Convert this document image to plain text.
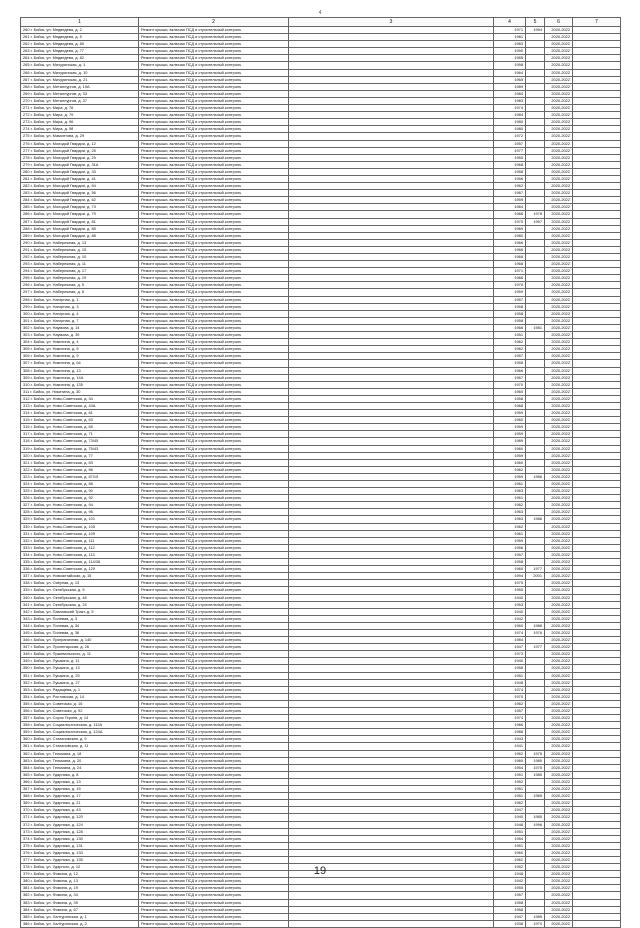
4
1	2	3	4	5	6	7
260 г. Бийск, ул. Медведева, д. 2	Ремонт крыши, включая ПСД и строительный контроль		1971	1994	2020-2022	
261 г. Бийск, ул. Медведева, д. 5	Ремонт крыши, включая ПСД и строительный контроль		1981		2020-2022	
262 г. Бийск, ул. Медведева, д. 69	Ремонт крыши, включая ПСД и строительный контроль		1983		2020-2022	
263 г. Бийск, ул. Медведева, д. 77	Ремонт крыши, включая ПСД и строительный контроль		1990		2020-2022	
264 г. Бийск, ул. Медведева, д. 82	Ремонт крыши, включая ПСД и строительный контроль		1985		2020-2022	
265 г. Бийск, ул. Мичуринская, д. 1	Ремонт крыши, включая ПСД и строительный контроль		1958		2020-2022	
266 г. Бийск, ул. Мичуринская, д. 10	Ремонт крыши, включая ПСД и строительный контроль		1964		2020-2022	
267 г. Бийск, ул. Мичуринская, д. 21	Ремонт крыши, включая ПСД и строительный контроль		1965		2020-2022	
268 г. Бийск, ул. Металлургов, д. 19А	Ремонт крыши, включая ПСД и строительный контроль		1989		2020-2022	
269 г. Бийск, ул. Металлургов, д. 33	Ремонт крыши, включая ПСД и строительный контроль		1984		2020-2022	
270 г. Бийск, ул. Металлургов, д. 37	Ремонт крыши, включая ПСД и строительный контроль		1983		2020-2022	
271 г. Бийск, ул. Мира, д. 76	Ремонт крыши, включая ПСД и строительный контроль		1974		2020-2022	
272 г. Бийск, ул. Мира, д. 79	Ремонт крыши, включая ПСД и строительный контроль		1984		2020-2022	
273 г. Бийск, ул. Мира, д. 96	Ремонт крыши, включая ПСД и строительный контроль		1980		2020-2022	
274 г. Бийск, ул. Мира, д. 98	Ремонт крыши, включая ПСД и строительный контроль		1980		2020-2022	
275 г. Бийск, ул. Мамонтова, д. 29	Ремонт крыши, включая ПСД и строительный контроль		1972		2020-2022	
276 г. Бийск, ул. Молодой Гвардии, д. 12	Ремонт крыши, включая ПСД и строительный контроль		1957		2020-2022	
277 г. Бийск, ул. Молодой Гвардии, д. 25	Ремонт крыши, включая ПСД и строительный контроль		1977		2020-2022	
278 г. Бийск, ул. Молодой Гвардии, д. 29	Ремонт крыши, включая ПСД и строительный контроль		1955		2020-2022	
279 г. Бийск, ул. Молодой Гвардии, д. 31А	Ремонт крыши, включая ПСД и строительный контроль		1968		2020-2022	
280 г. Бийск, ул. Молодой Гвардии, д. 33	Ремонт крыши, включая ПСД и строительный контроль		1958		2020-2022	
281 г. Бийск, ул. Молодой Гвардии, д. 41	Ремонт крыши, включая ПСД и строительный контроль		1956		2020-2022	
282 г. Бийск, ул. Молодой Гвардии, д. 54	Ремонт крыши, включая ПСД и строительный контроль		1962		2020-2022	
283 г. Бийск, ул. Молодой Гвардии, д. 56	Ремонт крыши, включая ПСД и строительный контроль		1967		2020-2022	
284 г. Бийск, ул. Молодой Гвардии, д. 62	Ремонт крыши, включая ПСД и строительный контроль		1959		2020-2022	
285 г. Бийск, ул. Молодой Гвардии, д. 73	Ремонт крыши, включая ПСД и строительный контроль		1964		2020-2022	
286 г. Бийск, ул. Молодой Гвардии, д. 79	Ремонт крыши, включая ПСД и строительный контроль		1966	1978	2020-2022	
287 г. Бийск, ул. Молодой Гвардии, д. 81	Ремонт крыши, включая ПСД и строительный контроль		1975	1997	2020-2022	
288 г. Бийск, ул. Молодой Гвардии, д. 85	Ремонт крыши, включая ПСД и строительный контроль		1969		2020-2022	
289 г. Бийск, ул. Молодой Гвардии, д. 88	Ремонт крыши, включая ПСД и строительный контроль		1980		2020-2022	
290 г. Бийск, ул. Набережная, д. 13	Ремонт крыши, включая ПСД и строительный контроль		1966		2020-2022	
291 г. Бийск, ул. Набережная, д. 15	Ремонт крыши, включая ПСД и строительный контроль		1966		2020-2022	
292 г. Бийск, ул. Набережная, д. 10	Ремонт крыши, включая ПСД и строительный контроль		1968		2020-2022	
293 г. Бийск, ул. Набережная, д. 11	Ремонт крыши, включая ПСД и строительный контроль		1968		2020-2022	
294 г. Бийск, ул. Набережная, д. 17	Ремонт крыши, включая ПСД и строительный контроль		1971		2020-2022	
295 г. Бийск, ул. Набережная, д. 19	Ремонт крыши, включая ПСД и строительный контроль		1966		2020-2022	
296 г. Бийск, ул. Набережная, д. 5	Ремонт крыши, включая ПСД и строительный контроль		1970		2020-2022	
297 г. Бийск, ул. Набережная, д. 8	Ремонт крыши, включая ПСД и строительный контроль		1959		2020-2022	
298 г. Бийск, ул. Нагорная, д. 1	Ремонт крыши, включая ПСД и строительный контроль		1957		2020-2022	
299 г. Бийск, ул. Нагорная, д. 3	Ремонт крыши, включая ПСД и строительный контроль		1958		2020-2022	
300 г. Бийск, ул. Нагорная, д. 4	Ремонт крыши, включая ПСД и строительный контроль		1958		2020-2022	
301 г. Бийск, ул. Нагорная, д. 7	Ремонт крыши, включая ПСД и строительный контроль		1958		2020-2022	
302 г. Бийск, ул. Наумова, д. 14	Ремонт крыши, включая ПСД и строительный контроль		1966	1981	2020-2022	
303 г. Бийск, ул. Наумова, д. 39	Ремонт крыши, включая ПСД и строительный контроль		1951		2020-2022	
304 г. Бийск, ул. Никитина, д. 4	Ремонт крыши, включая ПСД и строительный контроль		1962		2020-2022	
305 г. Бийск, ул. Никитина, д. 5	Ремонт крыши, включая ПСД и строительный контроль		1962		2020-2022	
306 г. Бийск, ул. Никитина, д. 9	Ремонт крыши, включая ПСД и строительный контроль		1957		2020-2022	
307 г. Бийск, ул. Никитина, д. 64	Ремонт крыши, включая ПСД и строительный контроль		1958		2020-2022	
308 г. Бийск, ул. Никитина, д. 13	Ремонт крыши, включая ПСД и строительный контроль		1966		2020-2022	
309 г. Бийск, ул. Никитина, д. 14А	Ремонт крыши, включая ПСД и строительный контроль		1967		2020-2022	
310 г. Бийск, ул. Никитина, д. 135	Ремонт крыши, включая ПСД и строительный контроль		1970		2020-2022	
311 г. Бийск, ул. Никитина, д. 30	Ремонт крыши, включая ПСД и строительный контроль		1960		2020-2022	
312 г. Бийск, ул. Ново-Советская, д. 34	Ремонт крыши, включая ПСД и строительный контроль		1958		2020-2022	
313 г. Бийск, ул. Ново-Советская, д. 43А	Ремонт крыши, включая ПСД и строительный контроль		1968		2020-2022	
314 г. Бийск, ул. Ново-Советская, д. 61	Ремонт крыши, включая ПСД и строительный контроль		1959		2020-2022	
315 г. Бийск, ул. Ново-Советская, д. 63	Ремонт крыши, включая ПСД и строительный контроль		1960		2020-2022	
316 г. Бийск, ул. Ново-Советская, д. 65	Ремонт крыши, включая ПСД и строительный контроль		1959		2020-2022	
317 г. Бийск, ул. Ново-Советская, д. 71	Ремонт крыши, включая ПСД и строительный контроль		1959		2020-2022	
318 г. Бийск, ул. Ново-Советская, д. 73/45	Ремонт крыши, включая ПСД и строительный контроль		1989		2020-2022	
319 г. Бийск, ул. Ново-Советская, д. 75/43	Ремонт крыши, включая ПСД и строительный контроль		1960		2020-2022	
320 г. Бийск, ул. Ново-Советская, д. 77	Ремонт крыши, включая ПСД и строительный контроль		1959		2020-2022	
321 г. Бийск, ул. Ново-Советская, д. 83	Ремонт крыши, включая ПСД и строительный контроль		1960		2020-2022	
322 г. Бийск, ул. Ново-Советская, д. 86	Ремонт крыши, включая ПСД и строительный контроль		1962		2020-2022	
323 г. Бийск, ул. Ново-Советская, д. 87/15	Ремонт крыши, включая ПСД и строительный контроль		1959	1986	2020-2022	
324 г. Бийск, ул. Ново-Советская, д. 88	Ремонт крыши, включая ПСД и строительный контроль		1961		2020-2022	
325 г. Бийск, ул. Ново-Советская, д. 90	Ремонт крыши, включая ПСД и строительный контроль		1963		2020-2022	
326 г. Бийск, ул. Ново-Советская, д. 92	Ремонт крыши, включая ПСД и строительный контроль		1961		2020-2022	
327 г. Бийск, ул. Ново-Советская, д. 94	Ремонт крыши, включая ПСД и строительный контроль		1962		2020-2022	
328 г. Бийск, ул. Ново-Советская, д. 96	Ремонт крыши, включая ПСД и строительный контроль		1963		2020-2022	
329 г. Бийск, ул. Ново-Советская, д. 101	Ремонт крыши, включая ПСД и строительный контроль		1963	1986	2020-2022	
330 г. Бийск, ул. Ново-Советская, д. 105	Ремонт крыши, включая ПСД и строительный контроль		1962		2020-2022	
331 г. Бийск, ул. Ново-Советская, д. 109	Ремонт крыши, включая ПСД и строительный контроль		1961		2020-2022	
332 г. Бийск, ул. Ново-Советская, д. 111	Ремонт крыши, включая ПСД и строительный контроль		1959		2020-2022	
333 г. Бийск, ул. Ново-Советская, д. 112	Ремонт крыши, включая ПСД и строительный контроль		1956		2020-2022	
334 г. Бийск, ул. Ново-Советская, д. 113	Ремонт крыши, включая ПСД и строительный контроль		1957		2020-2022	
335 г. Бийск, ул. Ново-Советская, д. 114/38	Ремонт крыши, включая ПСД и строительный контроль		1958		2020-2022	
336 г. Бийск, ул. Ново-Советская, д. 120	Ремонт крыши, включая ПСД и строительный контроль		1960	1977	2020-2022	
337 г. Бийск, ул. Новоалтайская, д. 15	Ремонт крыши, включая ПСД и строительный контроль		1994	2001	2020-2022	
338 г. Бийск, ул. Озёрная, д. 13	Ремонт крыши, включая ПСД и строительный контроль		1975		2020-2022	
339 г. Бийск, ул. Октябрьская, д. 5	Ремонт крыши, включая ПСД и строительный контроль		1955		2020-2022	
340 г. Бийск, ул. Октябрьская, д. 48	Ремонт крыши, включая ПСД и строительный контроль		1940		2020-2022	
341 г. Бийск, ул. Октябрьская, д. 24	Ремонт крыши, включая ПСД и строительный контроль		1953		2020-2022	
342 г. Бийск, ул. Павловский Тракт, д. 5	Ремонт крыши, включая ПСД и строительный контроль		1940		2020-2022	
343 г. Бийск, ул. Полевая, д. 3	Ремонт крыши, включая ПСД и строительный контроль		1942		2020-2022	
344 г. Бийск, ул. Полевая, д. 34	Ремонт крыши, включая ПСД и строительный контроль		1960	1986	2020-2022	
345 г. Бийск, ул. Полевая, д. 36	Ремонт крыши, включая ПСД и строительный контроль		1974	1976	2020-2022	
346 г. Бийск, ул. Приграничная, д. 140	Ремонт крыши, включая ПСД и строительный контроль		1984		2020-2022	
347 г. Бийск, ул. Пролетарская, д. 26	Ремонт крыши, включая ПСД и строительный контроль		1947	1977	2020-2022	
348 г. Бийск, ул. Пржевальского, д. 11	Ремонт крыши, включая ПСД и строительный контроль		1973		2020-2022	
349 г. Бийск, ул. Пушкина, д. 11	Ремонт крыши, включая ПСД и строительный контроль		1940		2020-2022	
350 г. Бийск, ул. Пушкина, д. 13	Ремонт крыши, включая ПСД и строительный контроль		1958		2020-2022	
351 г. Бийск, ул. Пушкина, д. 25	Ремонт крыши, включая ПСД и строительный контроль		1951		2020-2022	
352 г. Бийск, ул. Пушкина, д. 27	Ремонт крыши, включая ПСД и строительный контроль		1948		2020-2022	
353 г. Бийск, ул. Радищева, д. 1	Ремонт крыши, включая ПСД и строительный контроль		1974		2020-2022	
354 г. Бийск, ул. Ростовская, д. 14	Ремонт крыши, включая ПСД и строительный контроль		1970		2020-2022	
355 г. Бийск, ул. Советская, д. 16	Ремонт крыши, включая ПСД и строительный контроль		1962		2020-2022	
356 г. Бийск, ул. Советская, д. 92	Ремонт крыши, включая ПСД и строительный контроль		1957		2020-2022	
357 г. Бийск, ул. Сорок Героев, д. 14	Ремонт крыши, включая ПСД и строительный контроль		1974		2020-2022	
358 г. Бийск, ул. Социалистическая, д. 112А	Ремонт крыши, включая ПСД и строительный контроль		1986		2020-2022	
359 г. Бийск, ул. Социалистическая, д. 124А	Ремонт крыши, включая ПСД и строительный контроль		1988		2020-2022	
360 г. Бийск, ул. Стахановская, д. 9	Ремонт крыши, включая ПСД и строительный контроль		1943		2020-2022	
361 г. Бийск, ул. Стахановская, д. 11	Ремонт крыши, включая ПСД и строительный контроль		1941		2020-2022	
362 г. Бийск, ул. Тельмана, д. 18	Ремонт крыши, включая ПСД и строительный контроль		1962	1975	2020-2022	
363 г. Бийск, ул. Тельмана, д. 20	Ремонт крыши, включая ПСД и строительный контроль		1960	1985	2020-2022	
364 г. Бийск, ул. Тельмана, д. 24	Ремонт крыши, включая ПСД и строительный контроль		1954	1975	2020-2022	
365 г. Бийск, ул. Ударника, д. 8	Ремонт крыши, включая ПСД и строительный контроль		1951	1985	2020-2022	
366 г. Бийск, ул. Ударника, д. 13	Ремонт крыши, включая ПСД и строительный контроль		1952		2020-2022	
367 г. Бийск, ул. Ударника, д. 15	Ремонт крыши, включая ПСД и строительный контроль		1951		2020-2022	
368 г. Бийск, ул. Ударника, д. 17	Ремонт крыши, включая ПСД и строительный контроль		1951	1985	2020-2022	
369 г. Бийск, ул. Ударника, д. 21	Ремонт крыши, включая ПСД и строительный контроль		1962		2020-2022	
370 г. Бийск, ул. Ударника, д. 43	Ремонт крыши, включая ПСД и строительный контроль		1947		2020-2022	
371 г. Бийск, ул. Ударника, д. 120	Ремонт крыши, включая ПСД и строительный контроль		1940	1985	2020-2022	
372 г. Бийск, ул. Ударника, д. 124	Ремонт крыши, включая ПСД и строительный контроль		1948	1996	2020-2022	
373 г. Бийск, ул. Ударника, д. 128	Ремонт крыши, включая ПСД и строительный контроль		1951		2020-2022	
374 г. Бийск, ул. Ударника, д. 130	Ремонт крыши, включая ПСД и строительный контроль		1954		2020-2022	
375 г. Бийск, ул. Ударника, д. 131	Ремонт крыши, включая ПСД и строительный контроль		1951		2020-2022	
376 г. Бийск, ул. Ударника, д. 133	Ремонт крыши, включая ПСД и строительный контроль		1960		2020-2022	
377 г. Бийск, ул. Ударника, д. 135	Ремонт крыши, включая ПСД и строительный контроль		1962		2020-2022	
378 г. Бийск, ул. Ударного, д. 12	Ремонт крыши, включая ПСД и строительный контроль		1952		2020-2022	
379 г. Бийск, ул. Фомина, д. 12	Ремонт крыши, включая ПСД и строительный контроль		1948		2020-2022	
380 г. Бийск, ул. Фомина, д. 13	Ремонт крыши, включая ПСД и строительный контроль		1942		2020-2022	
381 г. Бийск, ул. Фомина, д. 19	Ремонт крыши, включая ПСД и строительный контроль		1955		2020-2022	
382 г. Бийск, ул. Фомина, д. 34	Ремонт крыши, включая ПСД и строительный контроль		1957		2020-2022	
383 г. Бийск, ул. Фомина, д. 39	Ремонт крыши, включая ПСД и строительный контроль		1958		2020-2022	
384 г. Бийск, ул. Фомина, д. 67	Ремонт крыши, включая ПСД и строительный контроль		1958		2020-2022	
385 г. Бийск, ул. Халтуринская, д. 1	Ремонт крыши, включая ПСД и строительный контроль		1947	1985	2020-2022	
386 г. Бийск, ул. Халтуринская, д. 2	Ремонт крыши, включая ПСД и строительный контроль		1938	1970	2020-2022	
19
